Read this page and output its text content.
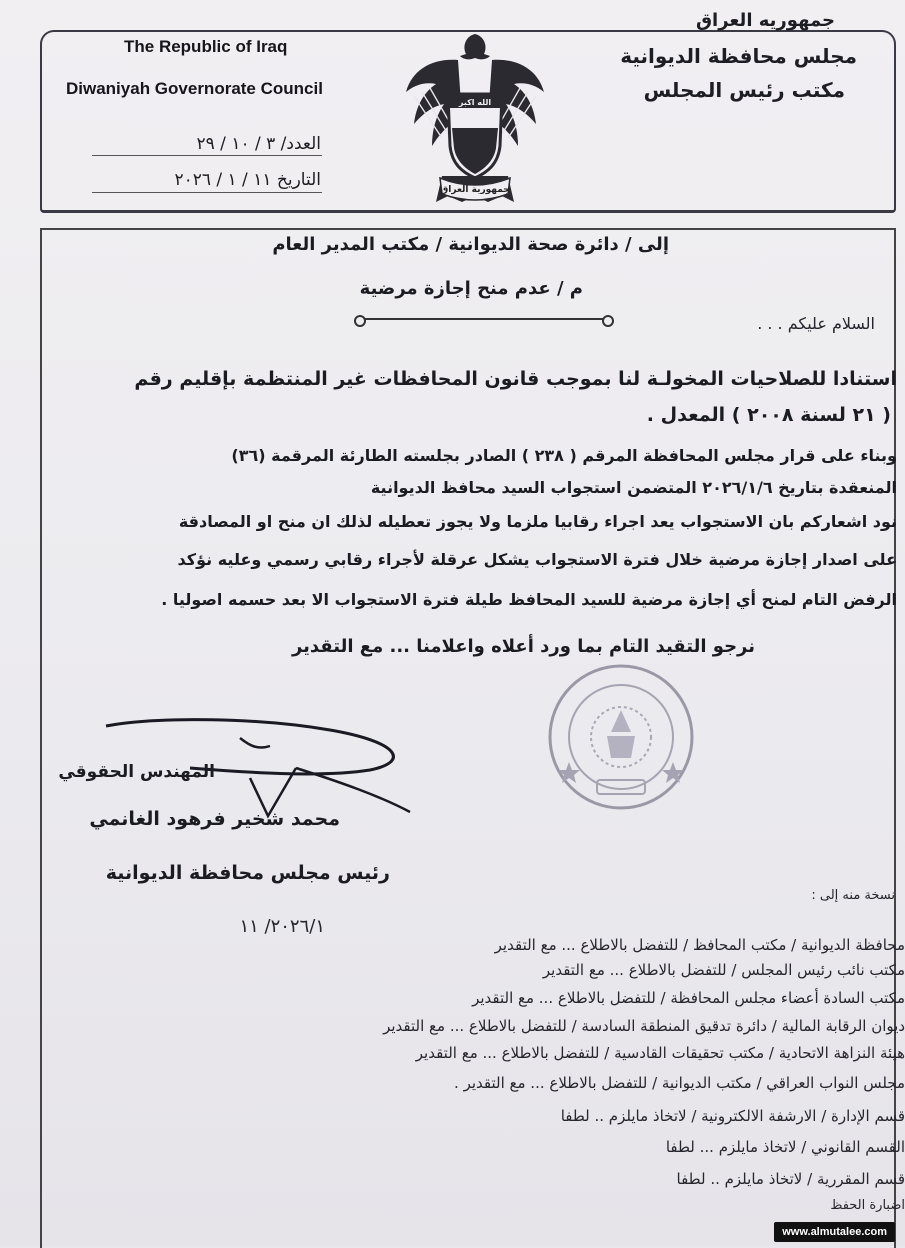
The Republic of Iraq
Diwaniyah Governorate Council
جمهوريه العراق
مجلس محافظة الديوانية
مكتب رئيس المجلس
الله اكبر
جمهورية العراق
العدد/ ٣ / ١٠ / ٢٩
التاريخ ١١ / ١ / ٢٠٢٦
إلى / دائرة صحة الديوانية / مكتب المدير العام
م / عدم منح إجازة مرضية
السلام عليكم . . .
استنادا للصلاحيات المخولـة لنا بموجب قانون المحافظات غير المنتظمة بإقليم رقم
( ٢١ لسنة ٢٠٠٨ ) المعدل .
وبناء على قرار مجلس المحافظة المرقم ( ٢٣٨ ) الصادر بجلسته الطارئة المرقمة (٣٦)
المنعقدة بتاريخ ٢٠٢٦/١/٦ المتضمن استجواب السيد محافظ الديوانية
نود اشعاركم بان الاستجواب يعد اجراء رقابيا ملزما ولا يجوز تعطيله لذلك ان منح او المصادقة
على اصدار إجازة مرضية خلال فترة الاستجواب يشكل عرقلة لأجراء رقابي رسمي وعليه نؤكد
الرفض التام لمنح أي إجازة مرضية للسيد المحافظ طيلة فترة الاستجواب الا بعد حسمه اصوليا .
نرجو التقيد التام بما ورد أعلاه واعلامنا ... مع التقدير
المهندس الحقوقي
محمد شخير فرهود الغانمي
رئيس مجلس محافظة الديوانية
نسخة منه إلى :
٢٠٢٦/١/ ١١
محافظة الديوانية / مكتب المحافظ / للتفضل بالاطلاع ... مع التقدير
مكتب نائب رئيس المجلس / للتفضل بالاطلاع ... مع التقدير
مكتب السادة أعضاء مجلس المحافظة / للتفضل بالاطلاع ... مع التقدير
ديوان الرقابة المالية / دائرة تدقيق المنطقة السادسة / للتفضل بالاطلاع ... مع التقدير
هيئة النزاهة الاتحادية / مكتب تحقيقات القادسية / للتفضل بالاطلاع ... مع التقدير
مجلس النواب العراقي / مكتب الديوانية / للتفضل بالاطلاع ... مع التقدير .
قسم الإدارة / الارشفة الالكترونية / لاتخاذ مايلزم .. لطفا
القسم القانوني / لاتخاذ مايلزم ... لطفا
قسم المقررية / لاتخاذ مايلزم .. لطفا
اضبارة الحفظ
www.almutalee.com
